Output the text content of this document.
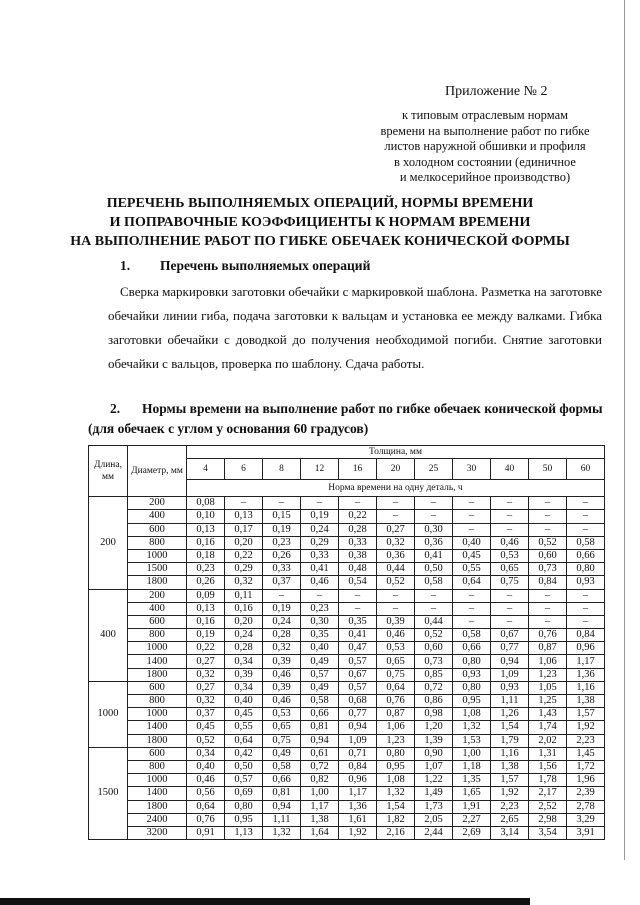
Приложение № 2
к типовым отраслевым нормам
времени на выполнение работ по гибке
листов наружной обшивки и профиля
в холодном состоянии (единичное
и мелкосерийное производство)
ПЕРЕЧЕНЬ ВЫПОЛНЯЕМЫХ ОПЕРАЦИЙ, НОРМЫ ВРЕМЕНИ
И ПОПРАВОЧНЫЕ КОЭФФИЦИЕНТЫ К НОРМАМ ВРЕМЕНИ
НА ВЫПОЛНЕНИЕ РАБОТ ПО ГИБКЕ ОБЕЧАЕК КОНИЧЕСКОЙ ФОРМЫ
1. Перечень выполняемых операций
Сверка маркировки заготовки обечайки с маркировкой шаблона. Разметка на заготовке обечайки линии гиба, подача заготовки к вальцам и установка ее между валками. Гибка заготовки обечайки с доводкой до получения необходимой погиби. Снятие заготовки обечайки с вальцов, проверка по шаблону. Сдача работы.
2. Нормы времени на выполнение работ по гибке обечаек конической формы
(для обечаек с углом у основания 60 градусов)
Длина, мм	Диаметр, мм	Толщина, мм										
		4	6	8	12	16	20	25	30	40	50	60
		Норма времени на одну деталь, ч										
200	200	0,08	–	–	–	–	–	–	–	–	–	–
	400	0,10	0,13	0,15	0,19	0,22	–	–	–	–	–	–
	600	0,13	0,17	0,19	0,24	0,28	0,27	0,30	–	–	–	–
	800	0,16	0,20	0,23	0,29	0,33	0,32	0,36	0,40	0,46	0,52	0,58
	1000	0,18	0,22	0,26	0,33	0,38	0,36	0,41	0,45	0,53	0,60	0,66
	1500	0,23	0,29	0,33	0,41	0,48	0,44	0,50	0,55	0,65	0,73	0,80
	1800	0,26	0,32	0,37	0,46	0,54	0,52	0,58	0,64	0,75	0,84	0,93
400	200	0,09	0,11	–	–	–	–	–	–	–	–	–
	400	0,13	0,16	0,19	0,23	–	–	–	–	–	–	–
	600	0,16	0,20	0,24	0,30	0,35	0,39	0,44	–	–	–	–
	800	0,19	0,24	0,28	0,35	0,41	0,46	0,52	0,58	0,67	0,76	0,84
	1000	0,22	0,28	0,32	0,40	0,47	0,53	0,60	0,66	0,77	0,87	0,96
	1400	0,27	0,34	0,39	0,49	0,57	0,65	0,73	0,80	0,94	1,06	1,17
	1800	0,32	0,39	0,46	0,57	0,67	0,75	0,85	0,93	1,09	1,23	1,36
1000	600	0,27	0,34	0,39	0,49	0,57	0,64	0,72	0,80	0,93	1,05	1,16
	800	0,32	0,40	0,46	0,58	0,68	0,76	0,86	0,95	1,11	1,25	1,38
	1000	0,37	0,45	0,53	0,66	0,77	0,87	0,98	1,08	1,26	1,43	1,57
	1400	0,45	0,55	0,65	0,81	0,94	1,06	1,20	1,32	1,54	1,74	1,92
	1800	0,52	0,64	0,75	0,94	1,09	1,23	1,39	1,53	1,79	2,02	2,23
1500	600	0,34	0,42	0,49	0,61	0,71	0,80	0,90	1,00	1,16	1,31	1,45
	800	0,40	0,50	0,58	0,72	0,84	0,95	1,07	1,18	1,38	1,56	1,72
	1000	0,46	0,57	0,66	0,82	0,96	1,08	1,22	1,35	1,57	1,78	1,96
	1400	0,56	0,69	0,81	1,00	1,17	1,32	1,49	1,65	1,92	2,17	2,39
	1800	0,64	0,80	0,94	1,17	1,36	1,54	1,73	1,91	2,23	2,52	2,78
	2400	0,76	0,95	1,11	1,38	1,61	1,82	2,05	2,27	2,65	2,98	3,29
	3200	0,91	1,13	1,32	1,64	1,92	2,16	2,44	2,69	3,14	3,54	3,91
